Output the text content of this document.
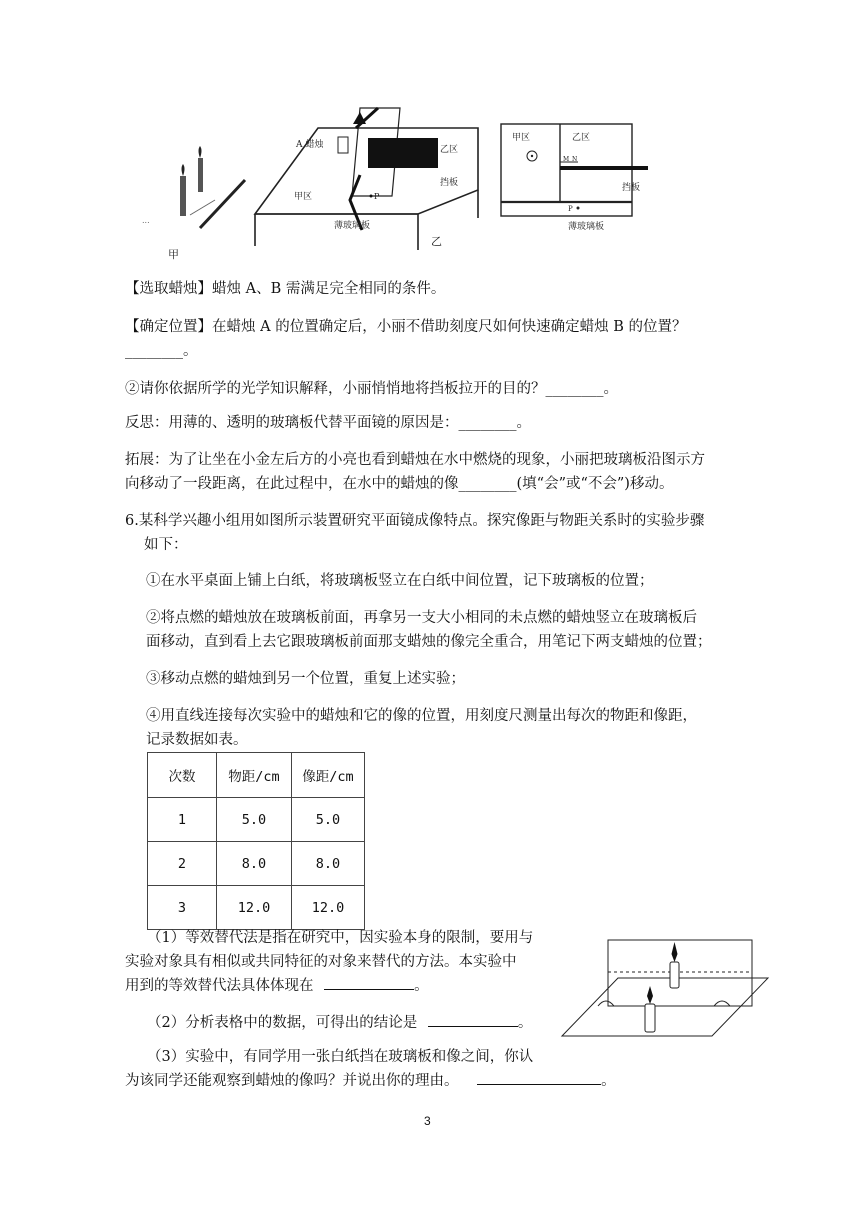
...
甲
A 蜡烛	乙区
挡板
甲区	P
薄玻璃板
乙
甲区	乙区
M N
挡板
P
薄玻璃板
【选取蜡烛】蜡烛 A、B 需满足完全相同的条件。
【确定位置】在蜡烛 A 的位置确定后，小丽不借助刻度尺如何快速确定蜡烛 B 的位置？
________。
②请你依据所学的光学知识解释，小丽悄悄地将挡板拉开的目的？________。
反思：用薄的、透明的玻璃板代替平面镜的原因是：________。
拓展：为了让坐在小金左后方的小亮也看到蜡烛在水中燃烧的现象，小丽把玻璃板沿图示方
向移动了一段距离，在此过程中，在水中的蜡烛的像________(填“会”或“不会”)移动。
6.某科学兴趣小组用如图所示装置研究平面镜成像特点。探究像距与物距关系时的实验步骤
如下：
①在水平桌面上铺上白纸，将玻璃板竖立在白纸中间位置，记下玻璃板的位置；
②将点燃的蜡烛放在玻璃板前面，再拿另一支大小相同的未点燃的蜡烛竖立在玻璃板后
面移动，直到看上去它跟玻璃板前面那支蜡烛的像完全重合，用笔记下两支蜡烛的位置；
③移动点燃的蜡烛到另一个位置，重复上述实验；
④用直线连接每次实验中的蜡烛和它的像的位置，用刻度尺测量出每次的物距和像距，
记录数据如表。
次数	物距/cm	像距/cm
1	5.0	5.0
2	8.0	8.0
3	12.0	12.0
（1）等效替代法是指在研究中，因实验本身的限制，要用与
实验对象具有相似或共同特征的对象来替代的方法。本实验中
用到的等效替代法具体体现在	。
（2）分析表格中的数据，可得出的结论是	。
（3）实验中，有同学用一张白纸挡在玻璃板和像之间，你认
为该同学还能观察到蜡烛的像吗？并说出你的理由。	。
3
